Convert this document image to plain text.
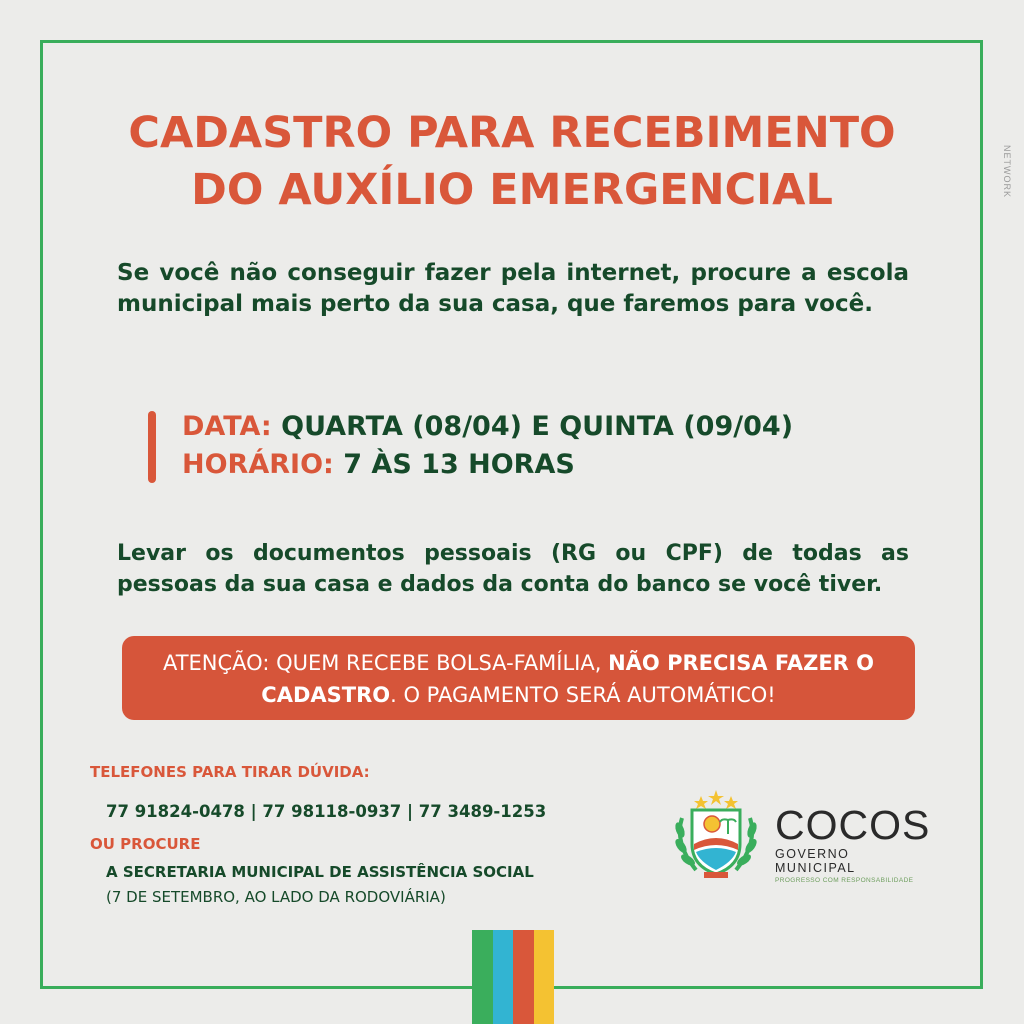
NETWORK
CADASTRO PARA RECEBIMENTO
DO AUXÍLIO EMERGENCIAL

Se você não conseguir fazer pela internet, procure a escola municipal mais perto da sua casa, que faremos para você.

DATA: QUARTA (08/04) E QUINTA (09/04)
HORÁRIO: 7 ÀS 13 HORAS

Levar os documentos pessoais (RG ou CPF) de todas as pessoas da sua casa e dados da conta do banco se você tiver.

ATENÇÃO: QUEM RECEBE BOLSA-FAMÍLIA, NÃO PRECISA FAZER O CADASTRO. O PAGAMENTO SERÁ AUTOMÁTICO!
TELEFONES PARA TIRAR DÚVIDA:
77 91824-0478 | 77 98118-0937 | 77 3489-1253
OU PROCURE
A SECRETARIA MUNICIPAL DE ASSISTÊNCIA SOCIAL
(7 DE SETEMBRO, AO LADO DA RODOVIÁRIA)
COCOS
GOVERNO MUNICIPAL
PROGRESSO COM RESPONSABILIDADE
